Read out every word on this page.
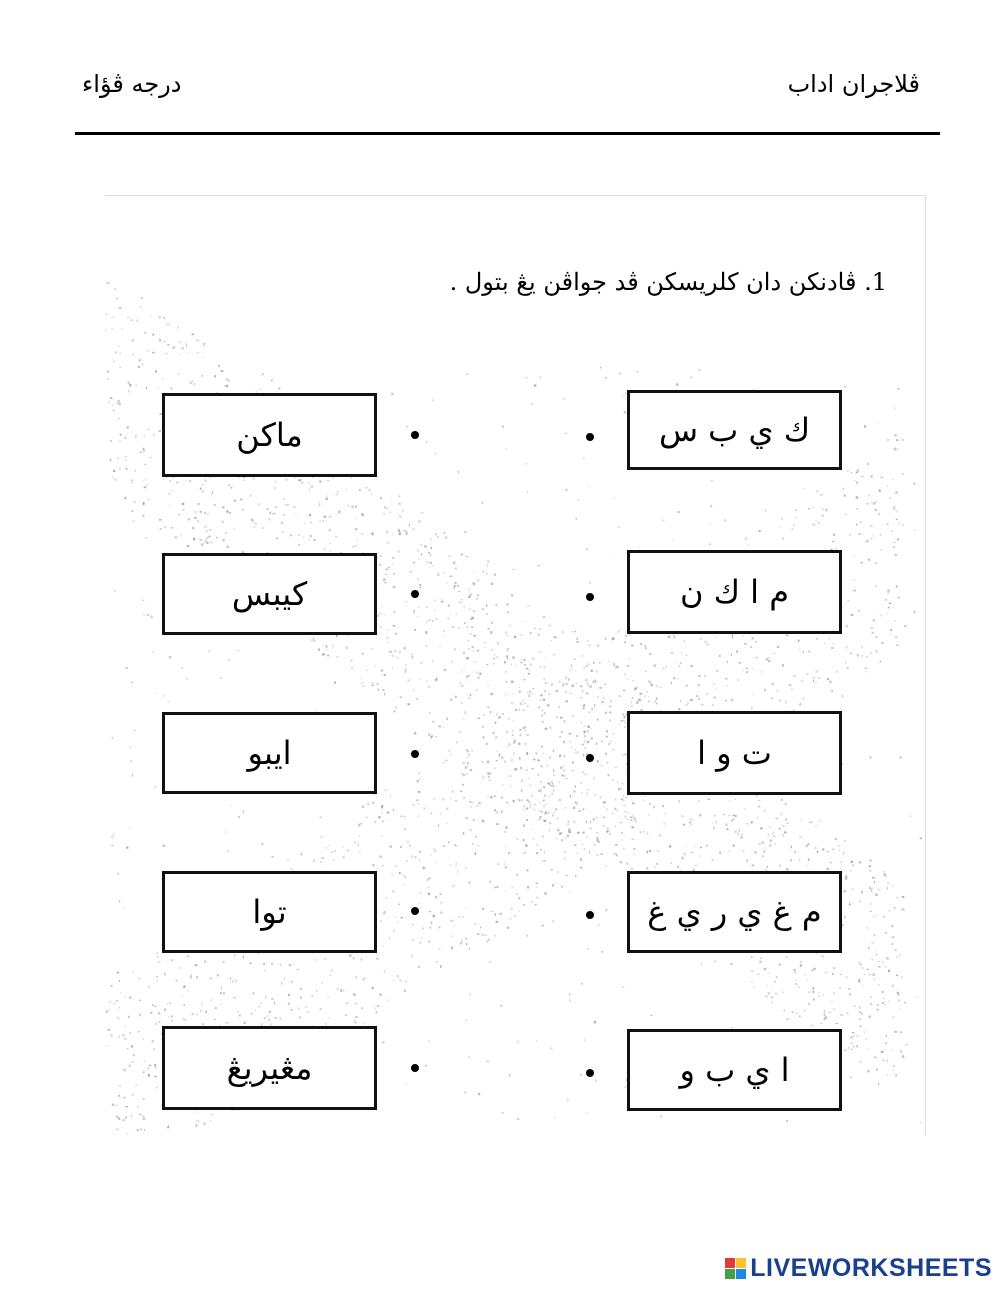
ڤلاجران اداب
درجه ڤؤاء
1. ڤادنكن دان كلريسكن ڤد جواڤن يڠ بتول .
ماكن	ك ي ب س
كيبس	م ا ك ن
ايبو	ت و ا
توا	م غ ي ر ي غ
مڠيريڠ	ا ي ب و
LIVEWORKSHEETS
